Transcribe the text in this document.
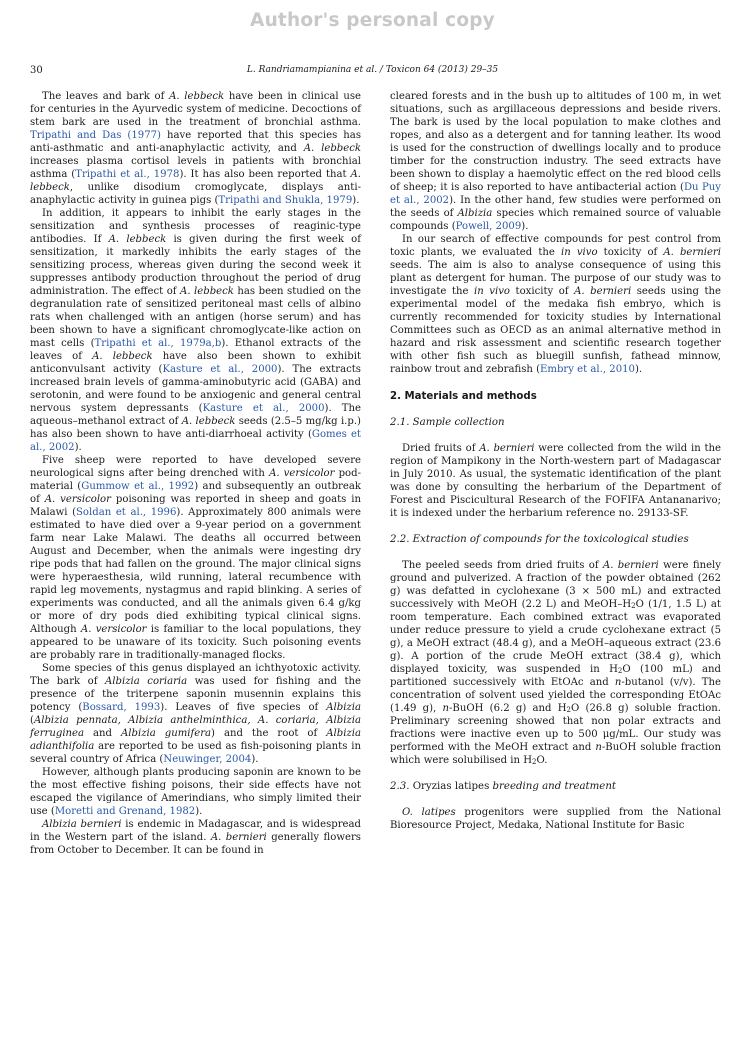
Author's personal copy
30	L. Randriamampianina et al. / Toxicon 64 (2013) 29–35

The leaves and bark of A. lebbeck have been in clinical use for centuries in the Ayurvedic system of medicine. Decoctions of stem bark are used in the treatment of bronchial asthma. Tripathi and Das (1977) have reported that this species has anti-asthmatic and anti-anaphylactic activity, and A. lebbeck increases plasma cortisol levels in patients with bronchial asthma (Tripathi et al., 1978). It has also been reported that A. lebbeck, unlike disodium cromoglycate, displays anti-anaphylactic activity in guinea pigs (Tripathi and Shukla, 1979).

In addition, it appears to inhibit the early stages in the sensitization and synthesis processes of reaginic-type antibodies. If A. lebbeck is given during the first week of sensitization, it markedly inhibits the early stages of the sensitizing process, whereas given during the second week it suppresses antibody production throughout the period of drug administration. The effect of A. lebbeck has been studied on the degranulation rate of sensitized peritoneal mast cells of albino rats when challenged with an antigen (horse serum) and has been shown to have a significant chromoglycate-like action on mast cells (Tripathi et al., 1979a,b). Ethanol extracts of the leaves of A. lebbeck have also been shown to exhibit anticonvulsant activity (Kasture et al., 2000). The extracts increased brain levels of gamma-aminobutyric acid (GABA) and serotonin, and were found to be anxiogenic and general central nervous system depressants (Kasture et al., 2000). The aqueous–methanol extract of A. lebbeck seeds (2.5–5 mg/kg i.p.) has also been shown to have anti-diarrhoeal activity (Gomes et al., 2002).

Five sheep were reported to have developed severe neurological signs after being drenched with A. versicolor pod-material (Gummow et al., 1992) and subsequently an outbreak of A. versicolor poisoning was reported in sheep and goats in Malawi (Soldan et al., 1996). Approximately 800 animals were estimated to have died over a 9-year period on a government farm near Lake Malawi. The deaths all occurred between August and December, when the animals were ingesting dry ripe pods that had fallen on the ground. The major clinical signs were hyperaesthesia, wild running, lateral recumbence with rapid leg movements, nystagmus and rapid blinking. A series of experiments was conducted, and all the animals given 6.4 g/kg or more of dry pods died exhibiting typical clinical signs. Although A. versicolor is familiar to the local populations, they appeared to be unaware of its toxicity. Such poisoning events are probably rare in traditionally-managed flocks.

Some species of this genus displayed an ichthyotoxic activity. The bark of Albizia coriaria was used for fishing and the presence of the triterpene saponin musennin explains this potency (Bossard, 1993). Leaves of five species of Albizia (Albizia pennata, Albizia anthelminthica, A. coriaria, Albizia ferruginea and Albizia gumifera) and the root of Albizia adianthifolia are reported to be used as fish-poisoning plants in several country of Africa (Neuwinger, 2004).

However, although plants producing saponin are known to be the most effective fishing poisons, their side effects have not escaped the vigilance of Amerindians, who simply limited their use (Moretti and Grenand, 1982).

Albizia bernieri is endemic in Madagascar, and is widespread in the Western part of the island. A. bernieri generally flowers from October to December. It can be found in

cleared forests and in the bush up to altitudes of 100 m, in wet situations, such as argillaceous depressions and beside rivers. The bark is used by the local population to make clothes and ropes, and also as a detergent and for tanning leather. Its wood is used for the construction of dwellings locally and to produce timber for the construction industry. The seed extracts have been shown to display a haemolytic effect on the red blood cells of sheep; it is also reported to have antibacterial action (Du Puy et al., 2002). In the other hand, few studies were performed on the seeds of Albizia species which remained source of valuable compounds (Powell, 2009).

In our search of effective compounds for pest control from toxic plants, we evaluated the in vivo toxicity of A. bernieri seeds. The aim is also to analyse consequence of using this plant as detergent for human. The purpose of our study was to investigate the in vivo toxicity of A. bernieri seeds using the experimental model of the medaka fish embryo, which is currently recommended for toxicity studies by International Committees such as OECD as an animal alternative method in hazard and risk assessment and scientific research together with other fish such as bluegill sunfish, fathead minnow, rainbow trout and zebrafish (Embry et al., 2010).

2. Materials and methods
2.1. Sample collection

Dried fruits of A. bernieri were collected from the wild in the region of Mampikony in the North-western part of Madagascar in July 2010. As usual, the systematic identification of the plant was done by consulting the herbarium of the Department of Forest and Piscicultural Research of the FOFIFA Antananarivo; it is indexed under the herbarium reference no. 29133-SF.

2.2. Extraction of compounds for the toxicological studies

The peeled seeds from dried fruits of A. bernieri were finely ground and pulverized. A fraction of the powder obtained (262 g) was defatted in cyclohexane (3 × 500 mL) and extracted successively with MeOH (2.2 L) and MeOH–$H_2O$ (1/1, 1.5 L) at room temperature. Each combined extract was evaporated under reduce pressure to yield a crude cyclohexane extract (5 g), a MeOH extract (48.4 g), and a MeOH–aqueous extract (23.6 g). A portion of the crude MeOH extract (38.4 g), which displayed toxicity, was suspended in $H_2O$ (100 mL) and partitioned successively with EtOAc and n-butanol (v/v). The concentration of solvent used yielded the corresponding EtOAc (1.49 g), n-BuOH (6.2 g) and $H_2O$ (26.8 g) soluble fraction. Preliminary screening showed that non polar extracts and fractions were inactive even up to 500 μg/mL. Our study was performed with the MeOH extract and n-BuOH soluble fraction which were solubilised in $H_2O$.

2.3. Oryzias latipes breeding and treatment

O. latipes progenitors were supplied from the National Bioresource Project, Medaka, National Institute for Basic
